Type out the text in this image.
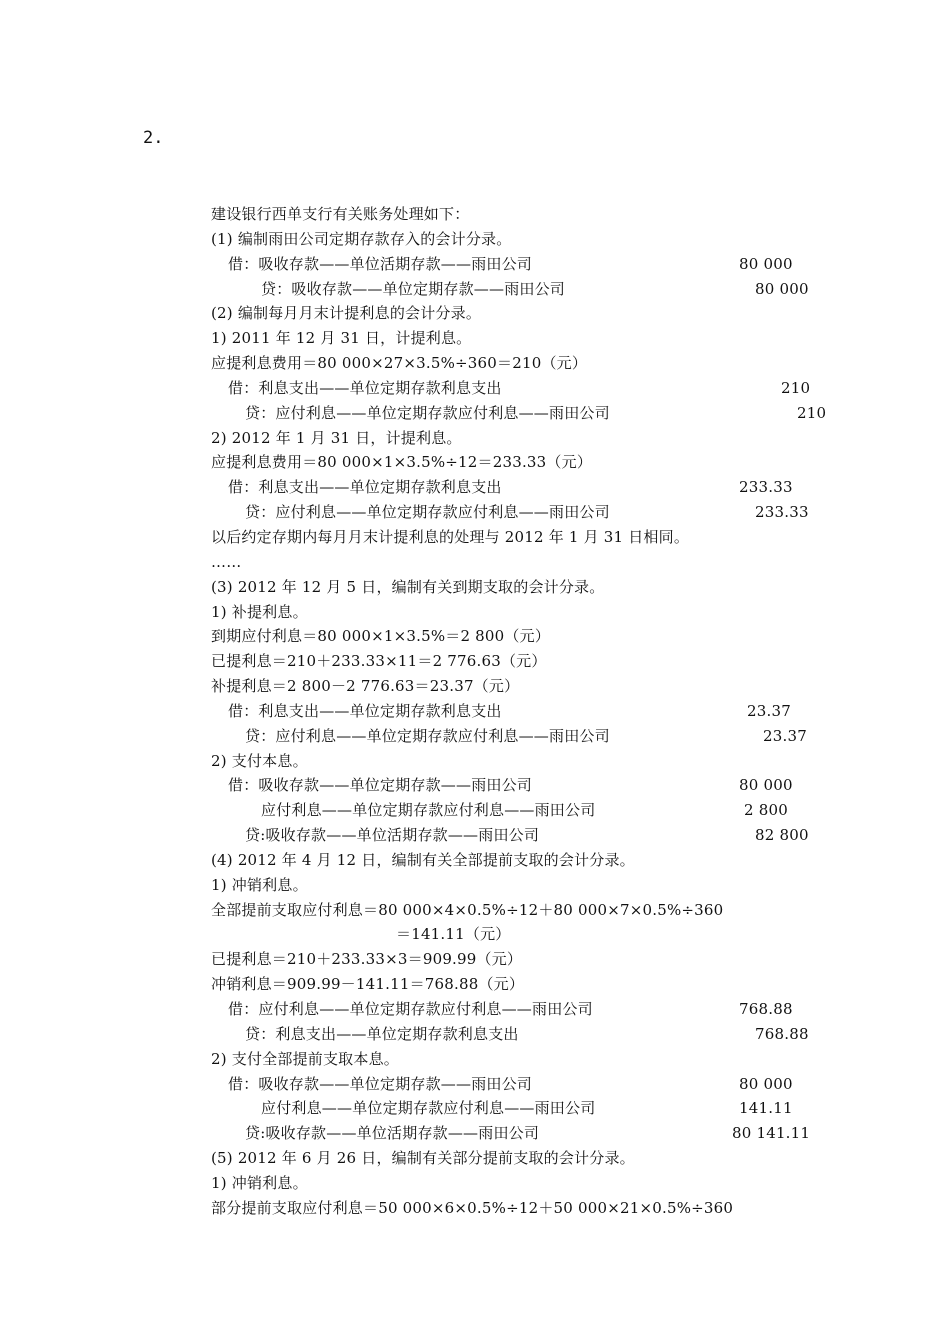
2.
建设银行西单支行有关账务处理如下：
(1) 编制雨田公司定期存款存入的会计分录。
借：吸收存款——单位活期存款——雨田公司	80 000
贷：吸收存款——单位定期存款——雨田公司	80 000
(2) 编制每月月末计提利息的会计分录。
1) 2011 年 12 月 31 日，计提利息。
应提利息费用＝80 000×27×3.5%÷360＝210（元）
借：利息支出——单位定期存款利息支出	210
贷：应付利息——单位定期存款应付利息——雨田公司	210
2) 2012 年 1 月 31 日，计提利息。
应提利息费用＝80 000×1×3.5%÷12＝233.33（元）
借：利息支出——单位定期存款利息支出	233.33
贷：应付利息——单位定期存款应付利息——雨田公司	233.33
以后约定存期内每月月末计提利息的处理与 2012 年 1 月 31 日相同。
……
(3) 2012 年 12 月 5 日，编制有关到期支取的会计分录。
1) 补提利息。
到期应付利息＝80 000×1×3.5%＝2 800（元）
已提利息＝210＋233.33×11＝2 776.63（元）
补提利息＝2 800－2 776.63＝23.37（元）
借：利息支出——单位定期存款利息支出	23.37
贷：应付利息——单位定期存款应付利息——雨田公司	23.37
2) 支付本息。
借：吸收存款——单位定期存款——雨田公司	80 000
应付利息——单位定期存款应付利息——雨田公司	2 800
贷:吸收存款——单位活期存款——雨田公司	82 800
(4) 2012 年 4 月 12 日，编制有关全部提前支取的会计分录。
1) 冲销利息。
全部提前支取应付利息＝80 000×4×0.5%÷12＋80 000×7×0.5%÷360
＝141.11（元）
已提利息＝210＋233.33×3＝909.99（元）
冲销利息＝909.99－141.11＝768.88（元）
借：应付利息——单位定期存款应付利息——雨田公司	768.88
贷：利息支出——单位定期存款利息支出	768.88
2) 支付全部提前支取本息。
借：吸收存款——单位定期存款——雨田公司	80 000
应付利息——单位定期存款应付利息——雨田公司	141.11
贷:吸收存款——单位活期存款——雨田公司	80 141.11
(5) 2012 年 6 月 26 日，编制有关部分提前支取的会计分录。
1) 冲销利息。
部分提前支取应付利息＝50 000×6×0.5%÷12＋50 000×21×0.5%÷360
